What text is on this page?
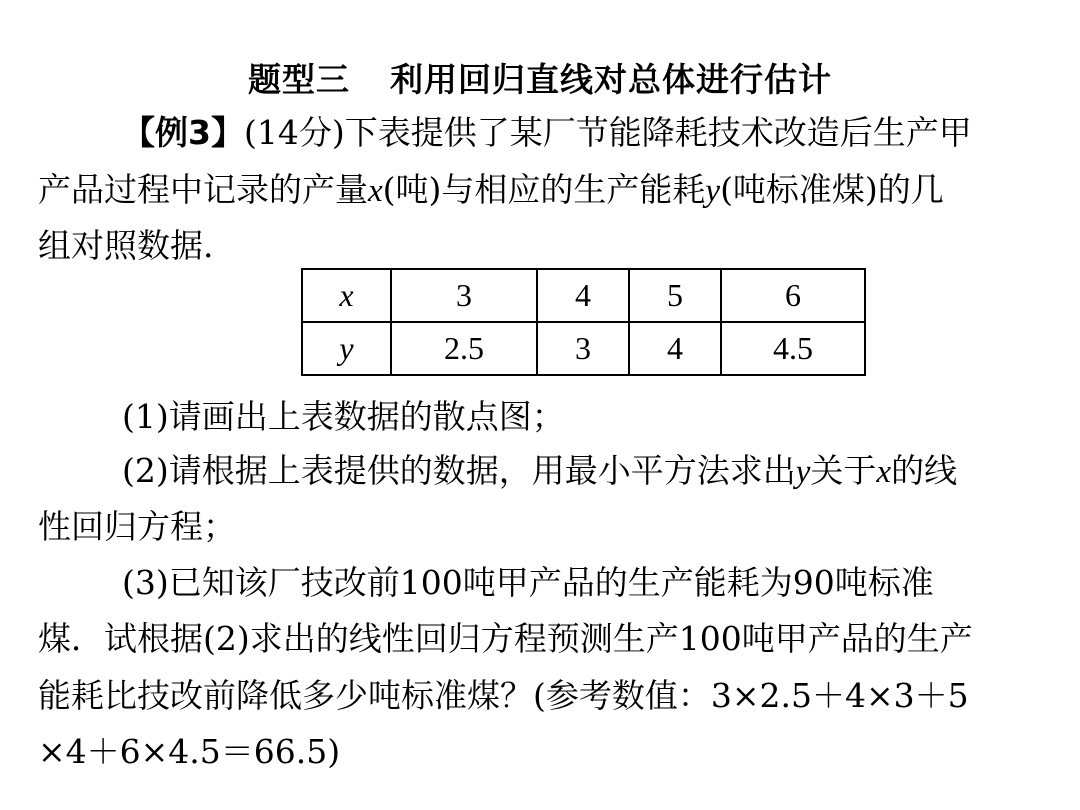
题型三 利用回归直线对总体进行估计
【例3】(14分)下表提供了某厂节能降耗技术改造后生产甲
产品过程中记录的产量x(吨)与相应的生产能耗y(吨标准煤)的几
组对照数据.
x	3	4	5	6
y	2.5	3	4	4.5
(1)请画出上表数据的散点图；
(2)请根据上表提供的数据，用最小平方法求出y关于x的线
性回归方程；
(3)已知该厂技改前100吨甲产品的生产能耗为90吨标准
煤．试根据(2)求出的线性回归方程预测生产100吨甲产品的生产
能耗比技改前降低多少吨标准煤？(参考数值：3×2.5＋4×3＋5
×4＋6×4.5＝66.5)
